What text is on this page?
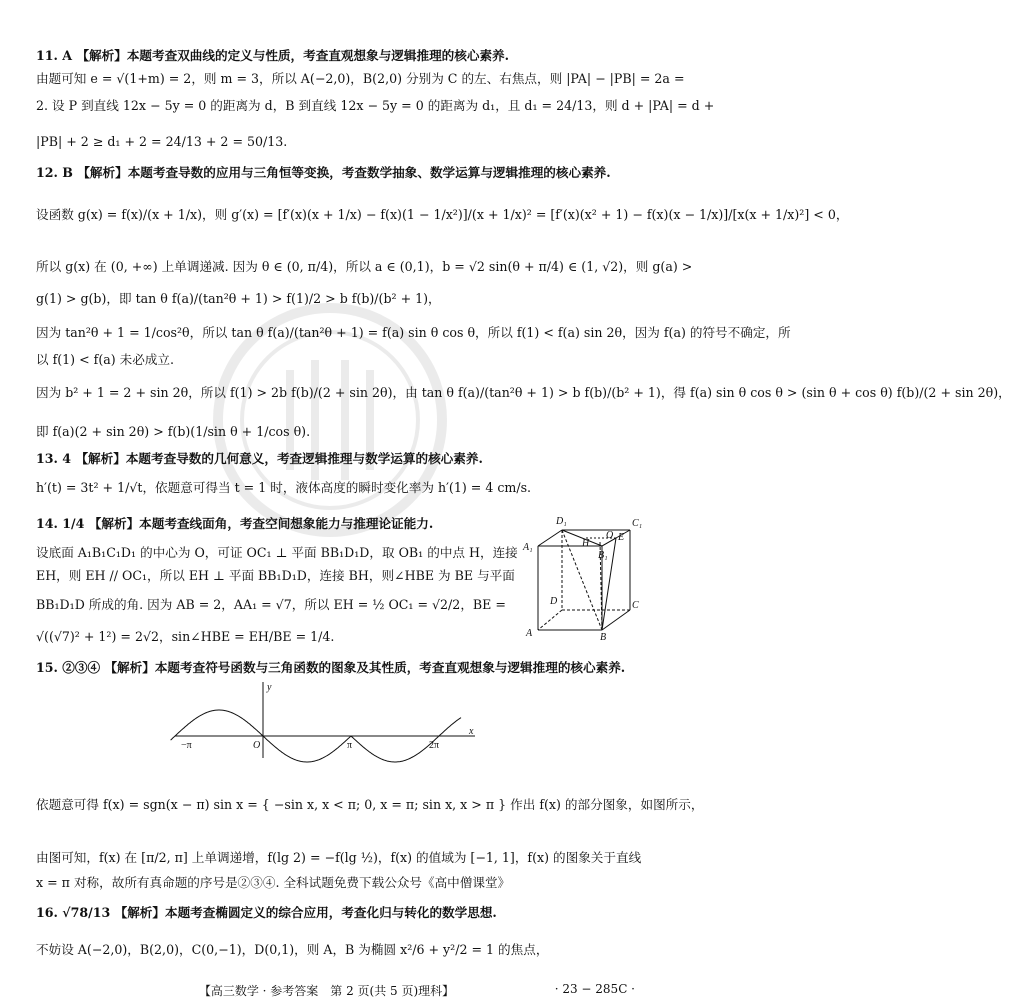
11. A 【解析】本题考查双曲线的定义与性质，考查直观想象与逻辑推理的核心素养.
由题可知 e = √(1+m) = 2，则 m = 3，所以 A(−2,0)，B(2,0) 分别为 C 的左、右焦点，则 |PA| − |PB| = 2a =
2. 设 P 到直线 12x − 5y = 0 的距离为 d，B 到直线 12x − 5y = 0 的距离为 d₁，且 d₁ = 24/13，则 d + |PA| = d +
|PB| + 2 ≥ d₁ + 2 = 24/13 + 2 = 50/13.
12. B 【解析】本题考查导数的应用与三角恒等变换，考查数学抽象、数学运算与逻辑推理的核心素养.
设函数 g(x) = f(x)/(x + 1/x)，则 g′(x) = [f′(x)(x + 1/x) − f(x)(1 − 1/x²)]/(x + 1/x)² = [f′(x)(x² + 1) − f(x)(x − 1/x)]/[x(x + 1/x)²] < 0，
所以 g(x) 在 (0, +∞) 上单调递减. 因为 θ ∈ (0, π/4)，所以 a ∈ (0,1)，b = √2 sin(θ + π/4) ∈ (1, √2)，则 g(a) >
g(1) > g(b)，即 tan θ f(a)/(tan²θ + 1) > f(1)/2 > b f(b)/(b² + 1)，
因为 tan²θ + 1 = 1/cos²θ，所以 tan θ f(a)/(tan²θ + 1) = f(a) sin θ cos θ，所以 f(1) < f(a) sin 2θ，因为 f(a) 的符号不确定，所
以 f(1) < f(a) 未必成立.
因为 b² + 1 = 2 + sin 2θ，所以 f(1) > 2b f(b)/(2 + sin 2θ)，由 tan θ f(a)/(tan²θ + 1) > b f(b)/(b² + 1)，得 f(a) sin θ cos θ > (sin θ + cos θ) f(b)/(2 + sin 2θ)，
即 f(a)(2 + sin 2θ) > f(b)(1/sin θ + 1/cos θ).
13. 4 【解析】本题考查导数的几何意义，考查逻辑推理与数学运算的核心素养.
h′(t) = 3t² + 1/√t，依题意可得当 t = 1 时，液体高度的瞬时变化率为 h′(1) = 4 cm/s.
14. 1/4 【解析】本题考查线面角，考查空间想象能力与推理论证能力.
设底面 A₁B₁C₁D₁ 的中心为 O，可证 OC₁ ⊥ 平面 BB₁D₁D，取 OB₁ 的中点 H，连接
EH，则 EH // OC₁，所以 EH ⊥ 平面 BB₁D₁D，连接 BH，则∠HBE 为 BE 与平面
BB₁D₁D 所成的角. 因为 AB = 2，AA₁ = √7，所以 EH = ½ OC₁ = √2/2，BE =
√((√7)² + 1²) = 2√2，sin∠HBE = EH/BE = 1/4.
15. ②③④ 【解析】本题考查符号函数与三角函数的图象及其性质，考查直观想象与逻辑推理的核心素养.
依题意可得 f(x) = sgn(x − π) sin x = { −sin x, x < π; 0, x = π; sin x, x > π } 作出 f(x) 的部分图象，如图所示，
由图可知，f(x) 在 [π/2, π] 上单调递增，f(lg 2) = −f(lg ½)，f(x) 的值域为 [−1, 1]，f(x) 的图象关于直线
x = π 对称，故所有真命题的序号是②③④. 全科试题免费下载公众号《高中僧课堂》
16. √78/13 【解析】本题考查椭圆定义的综合应用，考查化归与转化的数学思想.
不妨设 A(−2,0)，B(2,0)，C(0,−1)，D(0,1)，则 A，B 为椭圆 x²/6 + y²/2 = 1 的焦点，
D₁	C₁
A₁	H
O E
B₁
D	C
A	B
y
−π	O	π	2π
x
【高三数学 · 参考答案　第 2 页(共 5 页)理科】	· 23 − 285C ·
